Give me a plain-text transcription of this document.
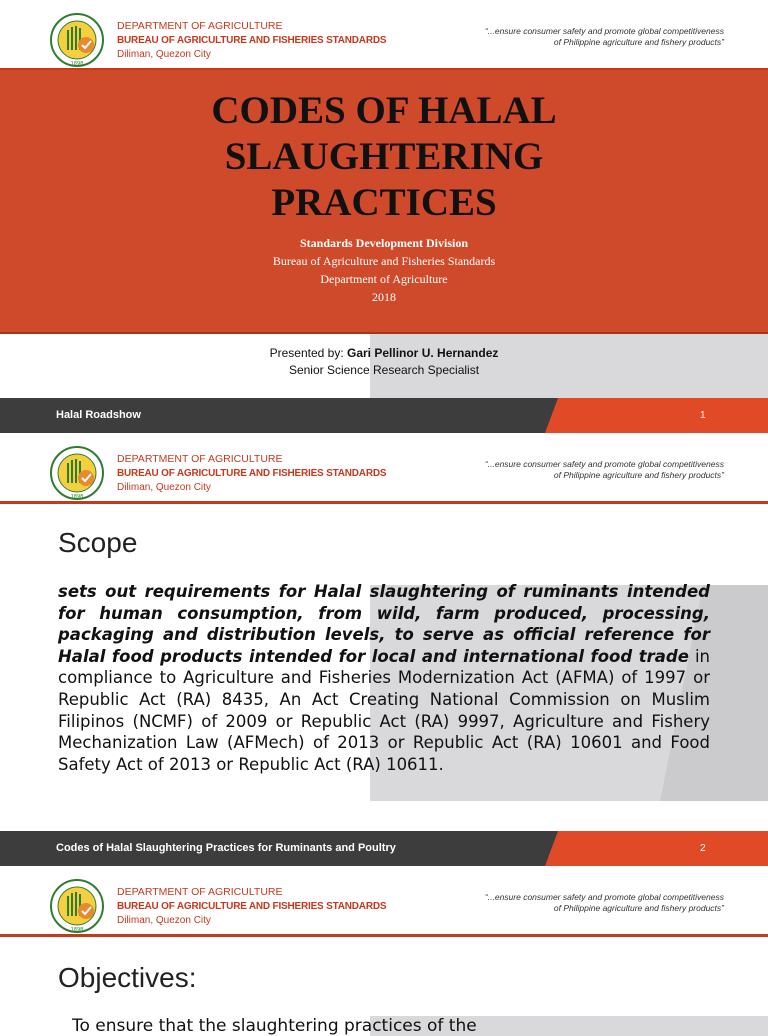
1898
DEPARTMENT OF AGRICULTURE
BUREAU OF AGRICULTURE AND FISHERIES STANDARDS
Diliman, Quezon City
“...ensure consumer safety and promote global competitiveness
of Philippine agriculture and fishery products”
CODES OF HALAL
SLAUGHTERING
PRACTICES
Standards Development Division
Bureau of Agriculture and Fisheries Standards
Department of Agriculture
2018
Presented by: Gari Pellinor U. Hernandez
Senior Science Research Specialist
Halal Roadshow	1
1898
DEPARTMENT OF AGRICULTURE
BUREAU OF AGRICULTURE AND FISHERIES STANDARDS
Diliman, Quezon City
“...ensure consumer safety and promote global competitiveness
of Philippine agriculture and fishery products”
Scope
sets out requirements for Halal slaughtering of ruminants intended for human consumption, from wild, farm produced, processing, packaging and distribution levels, to serve as official reference for Halal food products intended for local and international food trade in compliance to Agriculture and Fisheries Modernization Act (AFMA) of 1997 or Republic Act (RA) 8435, An Act Creating National Commission on Muslim Filipinos (NCMF) of 2009 or Republic Act (RA) 9997, Agriculture and Fishery Mechanization Law (AFMech) of 2013 or Republic Act (RA) 10601 and Food Safety Act of 2013 or Republic Act (RA) 10611.
Codes of Halal Slaughtering Practices for Ruminants and Poultry	2
1898
DEPARTMENT OF AGRICULTURE
BUREAU OF AGRICULTURE AND FISHERIES STANDARDS
Diliman, Quezon City
“...ensure consumer safety and promote global competitiveness
of Philippine agriculture and fishery products”
Objectives:
To ensure that the slaughtering practices of the
